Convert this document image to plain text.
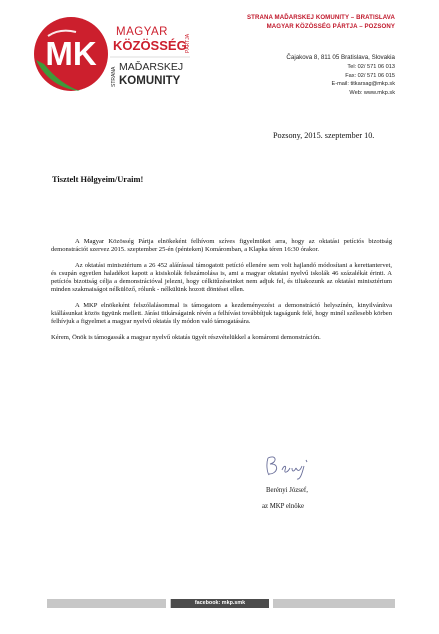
MK
MAGYAR
KÖZÖSSÉG
PÁRTJA
STRANA MAĎARSKEJ
KOMUNITY
STRANA MAĎARSKEJ KOMUNITY – BRATISLAVA
MAGYAR KÖZÖSSÉG PÁRTJA – POZSONY
Čajakova 8, 811 05 Bratislava, Slovakia
Tel: 02/ 571 06 013
Fax: 02/ 571 06 015
E-mail: titkarsag@mkp.sk
Web: www.mkp.sk
Pozsony, 2015. szeptember 10.
Tisztelt Hölgyeim/Uraim!

A Magyar Közösség Pártja elnökeként felhívom szíves figyelmüket arra, hogy az oktatási petíciós bizottság demonstrációt szervez 2015. szeptember 25-én (pénteken) Komáromban, a Klapka téren 16:30 órakor.

Az oktatási minisztérium a 26 452 aláírással támogatott petíció ellenére sem volt hajlandó módosítani a kerettantervet, és csupán egyetlen haladékot kapott a kisiskolák felszámolása is, ami a magyar oktatási nyelvű iskolák 46 százalékát érinti. A petíciós bizottság célja a demonstrációval jelezni, hogy célkitűzéseinket nem adjuk fel, és tiltakozunk az oktatási minisztérium minden szakmaiságot nélkülöző, rólunk - nélkülünk hozott döntései ellen.

A MKP elnökeként felszólalásommal is támogatom a kezdeményezést a demonstráció helyszínén, kinyilvánítva kiállásunkat közös ügyünk mellett. Járási titkárságaink révén a felhívást továbbítjuk tagságunk felé, hogy minél szélesebb körben felhívjuk a figyelmet a magyar nyelvű oktatás ily módon való támogatására.

Kérem, Önök is támogassák a magyar nyelvű oktatás ügyét részvételükkel a komáromi demonstráción.

Berényi József,
az MKP elnöke
facebook: mkp.smk
